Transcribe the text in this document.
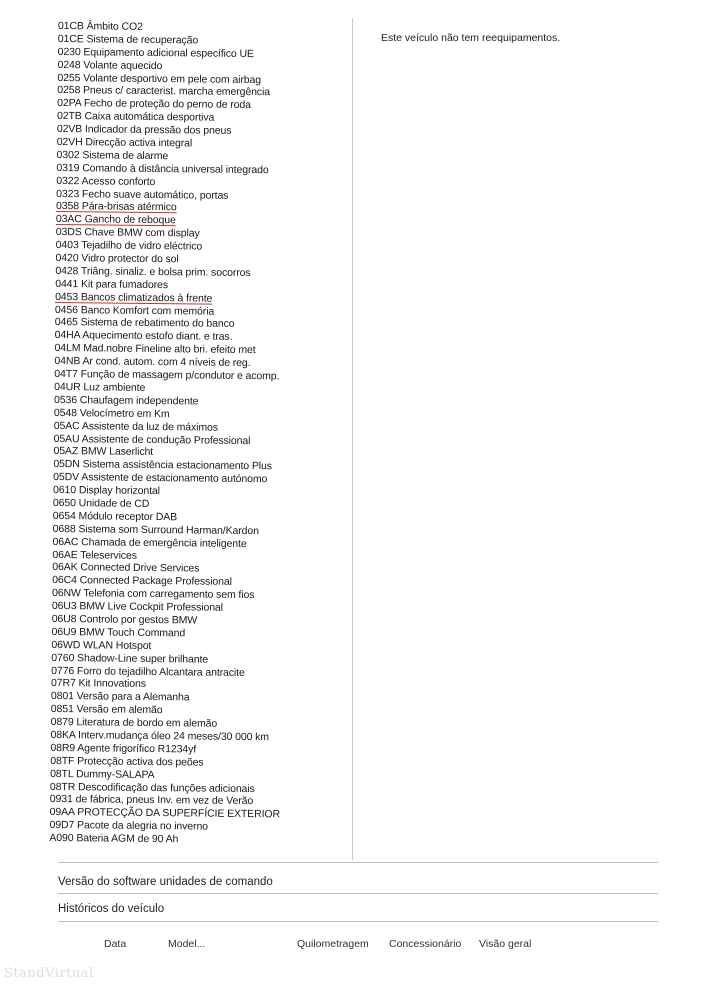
01CB Âmbito CO2
01CE Sistema de recuperação
0230 Equipamento adicional específico UE
0248 Volante aquecido
0255 Volante desportivo em pele com airbag
0258 Pneus c/ caracterist. marcha emergência
02PA Fecho de proteção do perno de roda
02TB Caixa automática desportiva
02VB Indicador da pressão dos pneus
02VH Direcção activa integral
0302 Sistema de alarme
0319 Comando à distância universal integrado
0322 Acesso conforto
0323 Fecho suave automático, portas
0358 Pára-brisas atérmico
03AC Gancho de reboque
03DS Chave BMW com display
0403 Tejadilho de vidro eléctrico
0420 Vidro protector do sol
0428 Triâng. sinaliz. e bolsa prim. socorros
0441 Kit para fumadores
0453 Bancos climatizados à frente
0456 Banco Komfort com memória
0465 Sistema de rebatimento do banco
04HA Aquecimento estofo diant. e tras.
04LM Mad.nobre Fineline alto bri. efeito met
04NB Ar cond. autom. com 4 níveis de reg.
04T7 Função de massagem p/condutor e acomp.
04UR Luz ambiente
0536 Chaufagem independente
0548 Velocímetro em Km
05AC Assistente da luz de máximos
05AU Assistente de condução Professional
05AZ BMW Laserlicht
05DN Sistema assistência estacionamento Plus
05DV Assistente de estacionamento autónomo
0610 Display horizontal
0650 Unidade de CD
0654 Módulo receptor DAB
0688 Sistema som Surround Harman/Kardon
06AC Chamada de emergência inteligente
06AE Teleservices
06AK Connected Drive Services
06C4 Connected Package Professional
06NW Telefonia com carregamento sem fios
06U3 BMW Live Cockpit Professional
06U8 Controlo por gestos BMW
06U9 BMW Touch Command
06WD WLAN Hotspot
0760 Shadow-Line super brilhante
0776 Forro do tejadilho Alcantara antracite
07R7 Kit Innovations
0801 Versão para a Alemanha
0851 Versão em alemão
0879 Literatura de bordo em alemão
08KA Interv.mudança óleo 24 meses/30 000 km
08R9 Agente frigorífico R1234yf
08TF Protecção activa dos peões
08TL Dummy-SALAPA
08TR Descodificação das funções adicionais
0931 de fábrica, pneus Inv. em vez de Verão
09AA PROTECÇÃO DA SUPERFÍCIE EXTERIOR
09D7 Pacote da alegria no inverno
A090 Bateria AGM de 90 Ah
Este veículo não tem reequipamentos.
Versão do software unidades de comando
Históricos do veículo
Data	Model...	Quilometragem Concessionário Visão geral
StandVirtual
